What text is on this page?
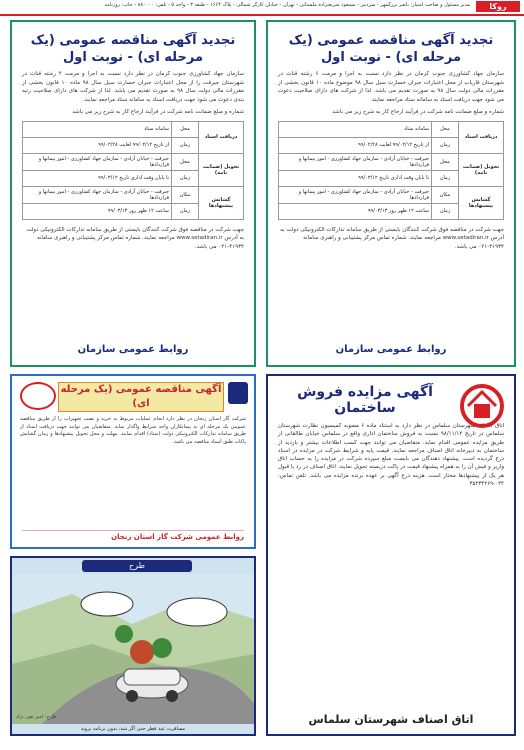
روکا
مدیر مسئول و صاحب امتیاز: ناصر بزرگمهر - سردبیر - مسعود شریعتزاده ملستانی - تهران - خیابان کارگر شمالی - پلاک ۱۶۶۴ - طبقه ۳ - واحد ۵ - تلفن: ۸۸۰۰۰۰ - چاپ: روزنامه
تجدید آگهی مناقصه عمومی (یک مرحله ای) - نوبت اول
سازمان جهاد کشاورزی جنوب کرمان در نظر دارد نسبت به اجرا و مرمت ۶ رشته قنات در شهرستان قاریاب از محل اعتبارات جبران خسارت سیل سال ۹۸ موضوع ماده ۱۰ قانون بخشی از مقررات مالی دولت سال ۹۸ به صورت تقدیم می باشد. لذا از شرکت های دارای صلاحیت دعوت می شود جهت دریافت اسناد به سامانه ستاد مراجعه نمایند.
شماره و مبلغ ضمانت نامه شرکت در فرآیند ارجاع کار به شرح زیر می باشد
دریافت اسناد	محل	سامانه ستاد
	زمان	از تاریخ ۹۹/۰۲/۱۲ لغایت ۹۹/۰۲/۲۸
تحویل (ضمانت نامه)	محل	جیرفت - خیابان آزادی - سازمان جهاد کشاورزی - امور پیمانها و قراردادها
	زمان	تا پایان وقت اداری تاریخ ۹۹/۰۳/۱۲
گشایش پیشنهادها	مکان	جیرفت - خیابان آزادی - سازمان جهاد کشاورزی - امور پیمانها و قراردادها
	زمان	ساعت ۱۲ ظهر روز ۹۹/۰۳/۱۳
جهت شرکت در مناقصه فوق شرکت کنندگان بایستی از طریق سامانه تدارکات الکترونیکی دولت به آدرس www.setadiran.ir مراجعه نمایند. شماره تماس مرکز پشتیبانی و راهبری سامانه ۴۱۹۳۴-۰۲۱ می باشد.
روابط عمومی سازمان
تجدید آگهی مناقصه عمومی (یک مرحله ای) - نوبت اول
سازمان جهاد کشاورزی جنوب کرمان در نظر دارد نسبت به اجرا و مرمت ۴ رشته قنات در شهرستان جیرفت را از محل اعتبارات جبران خسارت سیل سال ۹۸ ماده ۱۰ قانون بخشی از مقررات مالی دولت سال ۹۸ به صورت تقدیم می باشد. لذا از شرکت های دارای صلاحیت رتبه بندی دعوت می شود جهت دریافت اسناد به سامانه ستاد مراجعه نمایند.
شماره و مبلغ ضمانت نامه شرکت در فرآیند ارجاع کار به شرح زیر می باشد
دریافت اسناد	محل	سامانه ستاد
	زمان	از تاریخ ۹۹/۰۲/۱۲ لغایت ۹۹/۰۲/۲۸
تحویل (ضمانت نامه)	محل	جیرفت - خیابان آزادی - سازمان جهاد کشاورزی - امور پیمانها و قراردادها
	زمان	تا پایان وقت اداری تاریخ ۹۹/۰۳/۱۲
گشایش پیشنهادها	مکان	جیرفت - خیابان آزادی - سازمان جهاد کشاورزی - امور پیمانها و قراردادها
	زمان	ساعت ۱۲ ظهر روز ۹۹/۰۳/۱۳
جهت شرکت در مناقصه فوق شرکت کنندگان بایستی از طریق سامانه تدارکات الکترونیکی دولت به آدرس www.setadiran.ir مراجعه نمایند. شماره تماس مرکز پشتیبانی و راهبری سامانه ۴۱۹۳۴-۰۲۱ می باشد.
روابط عمومی سازمان
آگهی مناقصه عمومی (یک مرحله ای)
شرکت گاز استان زنجان در نظر دارد انجام عملیات مربوط به خرید و نصب تجهیزات را از طریق مناقصه عمومی یک مرحله ای به پیمانکاران واجد شرایط واگذار نماید. متقاضیان می توانند جهت دریافت اسناد از طریق سامانه تدارکات الکترونیکی دولت (ستاد) اقدام نمایند. مهلت و محل تحویل پیشنهادها و زمان گشایش پاکات طبق اسناد مناقصه می باشد.
روابط عمومی شرکت گاز استان زنجان
طرح
طرح: امیر تقی نژاد
مسافرت عید فطر حتی اگر شد، بدون برنامه نروید
آگهی مزایده فروش ساختمان
اتاق اصناف شهرستان سلماس در نظر دارد به استناد ماده ۶ مصوبه کمیسیون نظارت شهرستان سلماس در تاریخ ۹۸/۱۱/۱۴ نسبت به فروش ساختمان اداری واقع در سلماس خیابان طالقانی از طریق مزایده عمومی اقدام نماید. متقاضیان می توانند جهت کسب اطلاعات بیشتر و بازدید از ساختمان به دبیرخانه اتاق اصناف مراجعه نمایند. قیمت پایه و شرایط شرکت در مزایده در اسناد درج گردیده است. پیشنهاد دهندگان می بایست مبلغ سپرده شرکت در مزایده را به حساب اتاق واریز و فیش آن را به همراه پیشنهاد قیمت در پاکت دربسته تحویل نمایند. اتاق اصناف در رد یا قبول هر یک از پیشنهادها مختار است. هزینه درج آگهی بر عهده برنده مزایده می باشد. تلفن تماس: ۰۴۴-۳۵۲۳۴۲۶۹
اتاق اصناف شهرستان سلماس
